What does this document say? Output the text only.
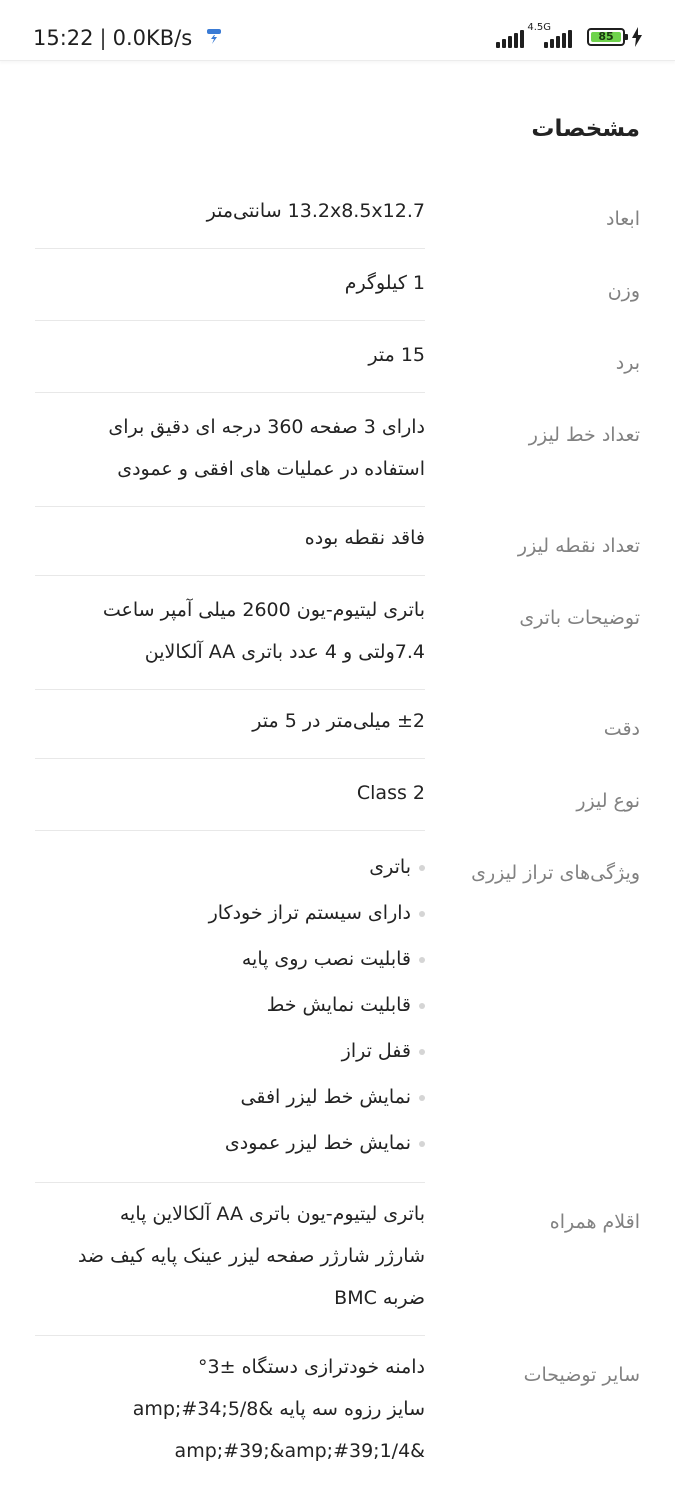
15:22 | 0.0KB/s	4.5G
85
مشخصات
ابعاد
13.2x8.5x12.7 سانتی‌متر
وزن
1 کیلوگرم
برد
15 متر
تعداد خط لیزر
دارای 3 صفحه 360 درجه ای دقیق برای
استفاده در عملیات های افقی و عمودی
تعداد نقطه لیزر
فاقد نقطه بوده
توضیحات باتری
باتری لیتیوم-یون 2600 میلی آمپر ساعت
7.4ولتی و 4 عدد باتری AA آلکالاین
دقت
±2 میلی‌متر در 5 متر
نوع لیزر
Class 2
ویژگی‌های تراز لیزری
باتری
دارای سیستم تراز خودکار
قابلیت نصب روی پایه
قابلیت نمایش خط
قفل تراز
نمایش خط لیزر افقی
نمایش خط لیزر عمودی
اقلام همراه
باتری لیتیوم-یون باتری AA آلکالاین پایه
شارژر شارژر صفحه لیزر عینک پایه کیف ضد
ضربه BMC
سایر توضیحات
دامنه خودترازی دستگاه ±3°
سایز رزوه سه پایه &amp;#34;5/8
&amp;#39;&amp;#39;1/4
